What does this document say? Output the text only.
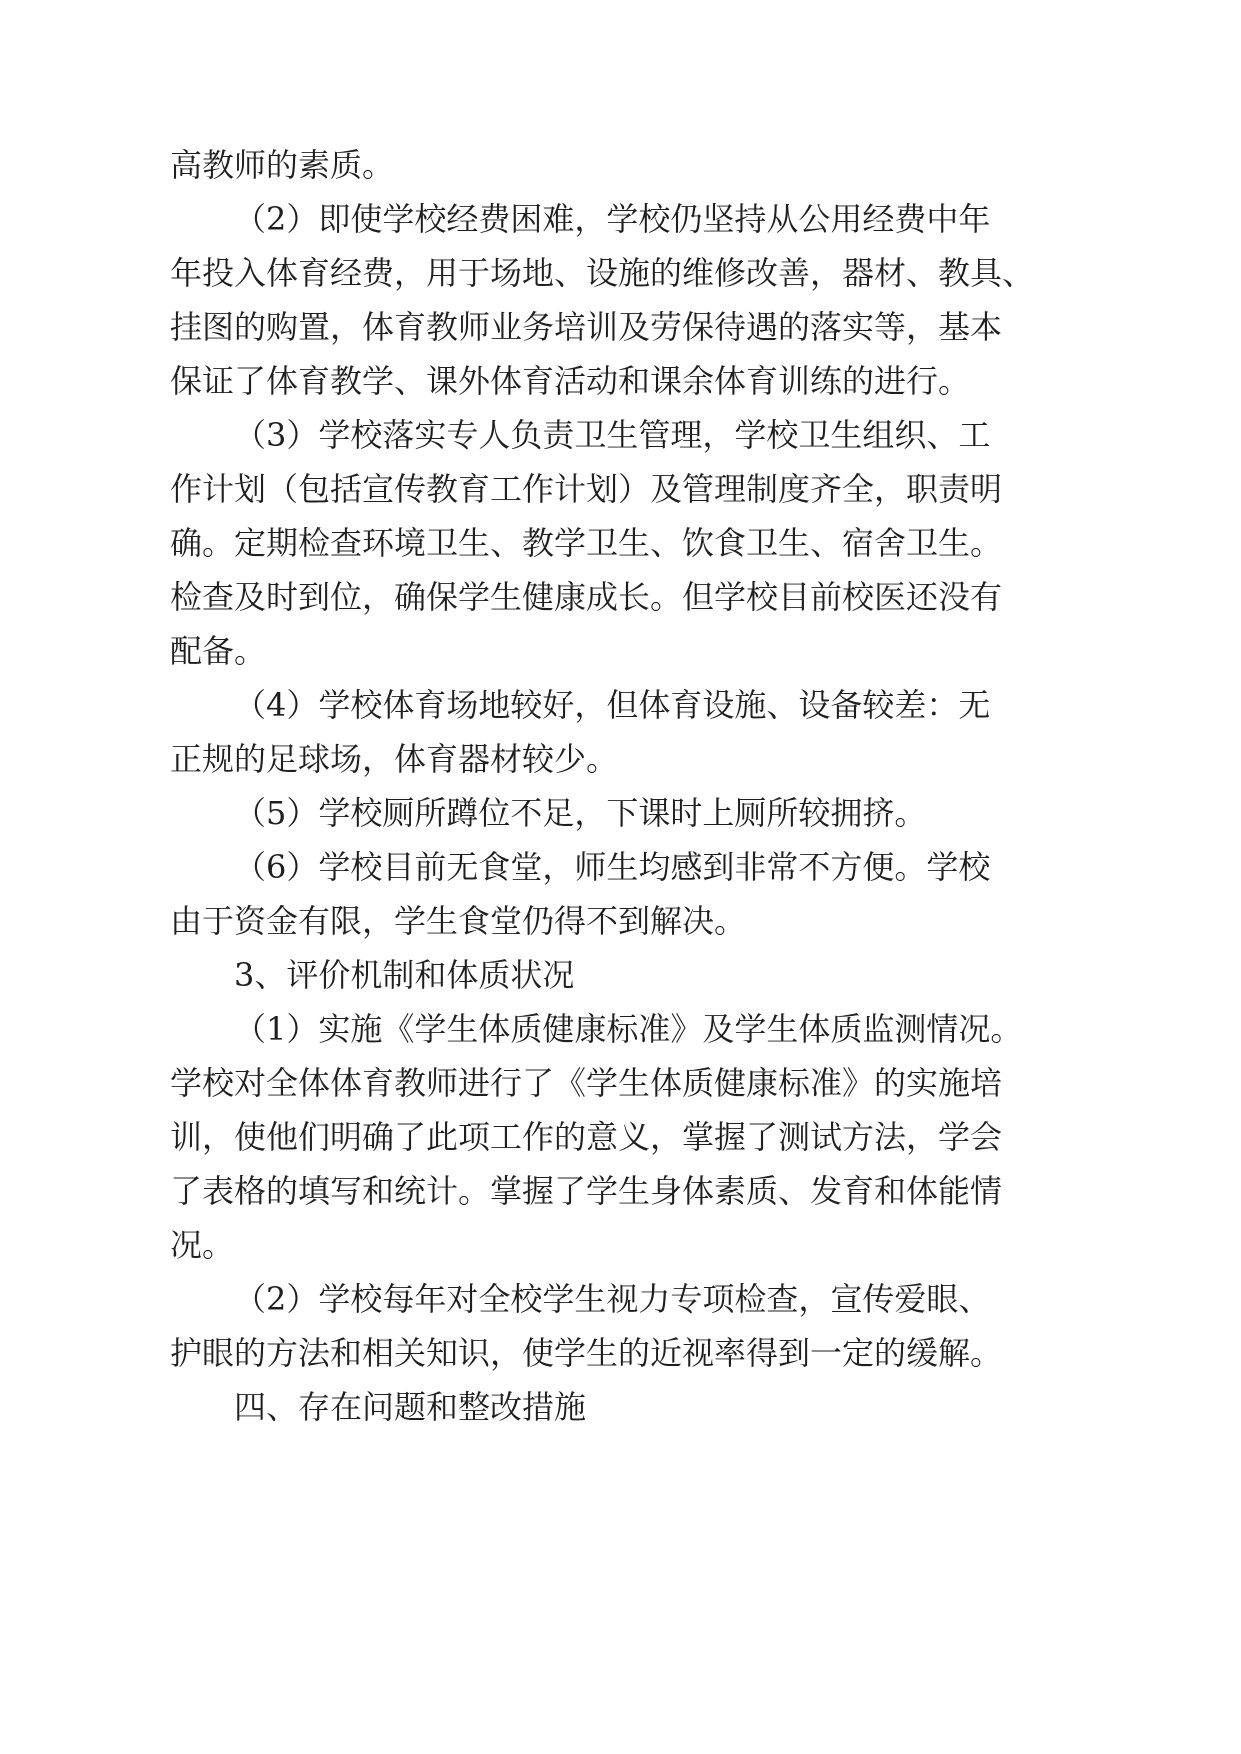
高教师的素质。
（2）即使学校经费困难，学校仍坚持从公用经费中年
年投入体育经费，用于场地、设施的维修改善，器材、教具、
挂图的购置，体育教师业务培训及劳保待遇的落实等，基本
保证了体育教学、课外体育活动和课余体育训练的进行。
（3）学校落实专人负责卫生管理，学校卫生组织、工
作计划（包括宣传教育工作计划）及管理制度齐全，职责明
确。定期检查环境卫生、教学卫生、饮食卫生、宿舍卫生。
检查及时到位，确保学生健康成长。但学校目前校医还没有
配备。
（4）学校体育场地较好，但体育设施、设备较差：无
正规的足球场，体育器材较少。
（5）学校厕所蹲位不足，下课时上厕所较拥挤。
（6）学校目前无食堂，师生均感到非常不方便。学校
由于资金有限，学生食堂仍得不到解决。
3、评价机制和体质状况
（1）实施《学生体质健康标准》及学生体质监测情况。
学校对全体体育教师进行了《学生体质健康标准》的实施培
训，使他们明确了此项工作的意义，掌握了测试方法，学会
了表格的填写和统计。掌握了学生身体素质、发育和体能情
况。
（2）学校每年对全校学生视力专项检查，宣传爱眼、
护眼的方法和相关知识，使学生的近视率得到一定的缓解。
四、存在问题和整改措施
